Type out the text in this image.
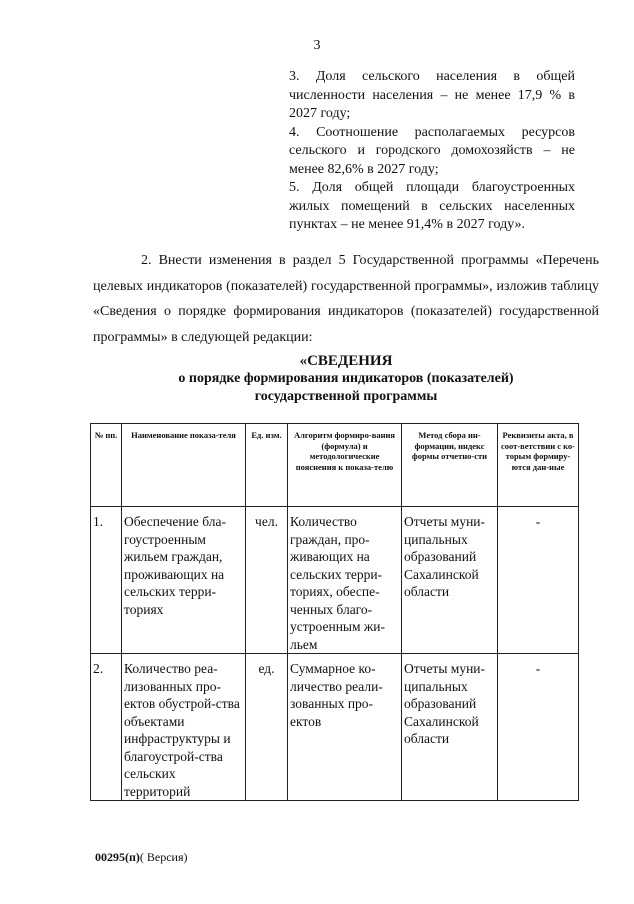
3

3. Доля сельского населения в общей численности населения – не менее 17,9 % в 2027 году;

4. Соотношение располагаемых ресурсов сельского и городского домохозяйств – не менее 82,6% в 2027 году;

5. Доля общей площади благоустроенных жилых помещений в сельских населенных пунктах – не менее 91,4% в 2027 году».

2. Внести изменения в раздел 5 Государственной программы «Перечень целевых индикаторов (показателей) государственной программы», изложив таблицу «Сведения о порядке формирования индикаторов (показателей) государственной программы» в следующей редакции:

«СВЕДЕНИЯ
о порядке формирования индикаторов (показателей)
государственной программы
№ пп.	Наименование показа-теля	Ед. изм.	Алгоритм формиро-вания (формула) и методологические пояснения к показа-телю	Метод сбора ин-формации, индекс формы отчетно-сти	Реквизиты акта, в соот-ветствии с ко-торым формиру-ются дан-ные
1.	Обеспечение бла-гоустроенным жильем граждан, проживающих на сельских терри-ториях	чел.	Количество граждан, про-живающих на сельских терри-ториях, обеспе-ченных благо-устроенным жи-льем	Отчеты муни-ципальных образований Сахалинской области	-
2.	Количество реа-лизованных про-ектов обустрой-ства объектами инфраструктуры и благоустрой-ства сельских территорий	ед.	Суммарное ко-личество реали-зованных про-ектов	Отчеты муни-ципальных образований Сахалинской области	-
00295(п)( Версия)
